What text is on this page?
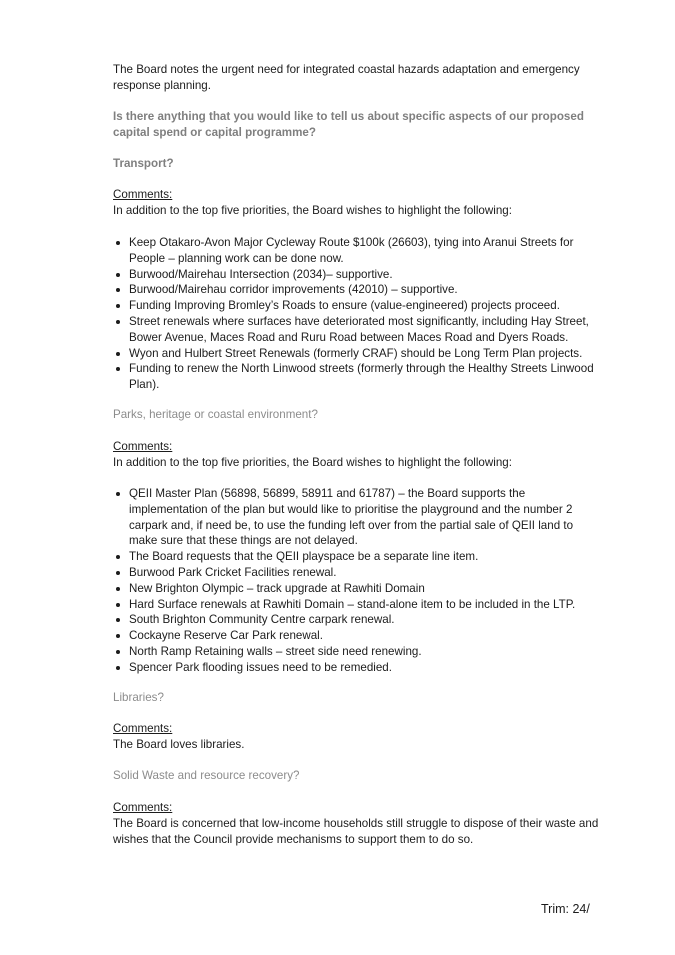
The Board notes the urgent need for integrated coastal hazards adaptation and emergency response planning.
Is there anything that you would like to tell us about specific aspects of our proposed capital spend or capital programme?
Transport?
Comments:
In addition to the top five priorities, the Board wishes to highlight the following:
Keep Otakaro-Avon Major Cycleway Route $100k (26603), tying into Aranui Streets for People – planning work can be done now.
Burwood/Mairehau Intersection (2034)– supportive.
Burwood/Mairehau corridor improvements (42010) – supportive.
Funding Improving Bromley’s Roads to ensure (value-engineered) projects proceed.
Street renewals where surfaces have deteriorated most significantly, including Hay Street, Bower Avenue, Maces Road and Ruru Road between Maces Road and Dyers Roads.
Wyon and Hulbert Street Renewals (formerly CRAF) should be Long Term Plan projects.
Funding to renew the North Linwood streets (formerly through the Healthy Streets Linwood Plan).
Parks, heritage or coastal environment?
Comments:
In addition to the top five priorities, the Board wishes to highlight the following:
QEII Master Plan (56898, 56899, 58911 and 61787) – the Board supports the implementation of the plan but would like to prioritise the playground and the number 2 carpark and, if need be, to use the funding left over from the partial sale of QEII land to make sure that these things are not delayed.
The Board requests that the QEII playspace be a separate line item.
Burwood Park Cricket Facilities renewal.
New Brighton Olympic – track upgrade at Rawhiti Domain
Hard Surface renewals at Rawhiti Domain – stand-alone item to be included in the LTP.
South Brighton Community Centre carpark renewal.
Cockayne Reserve Car Park renewal.
North Ramp Retaining walls – street side need renewing.
Spencer Park flooding issues need to be remedied.
Libraries?
Comments:
The Board loves libraries.
Solid Waste and resource recovery?
Comments:
The Board is concerned that low-income households still struggle to dispose of their waste and wishes that the Council provide mechanisms to support them to do so.
Trim: 24/
